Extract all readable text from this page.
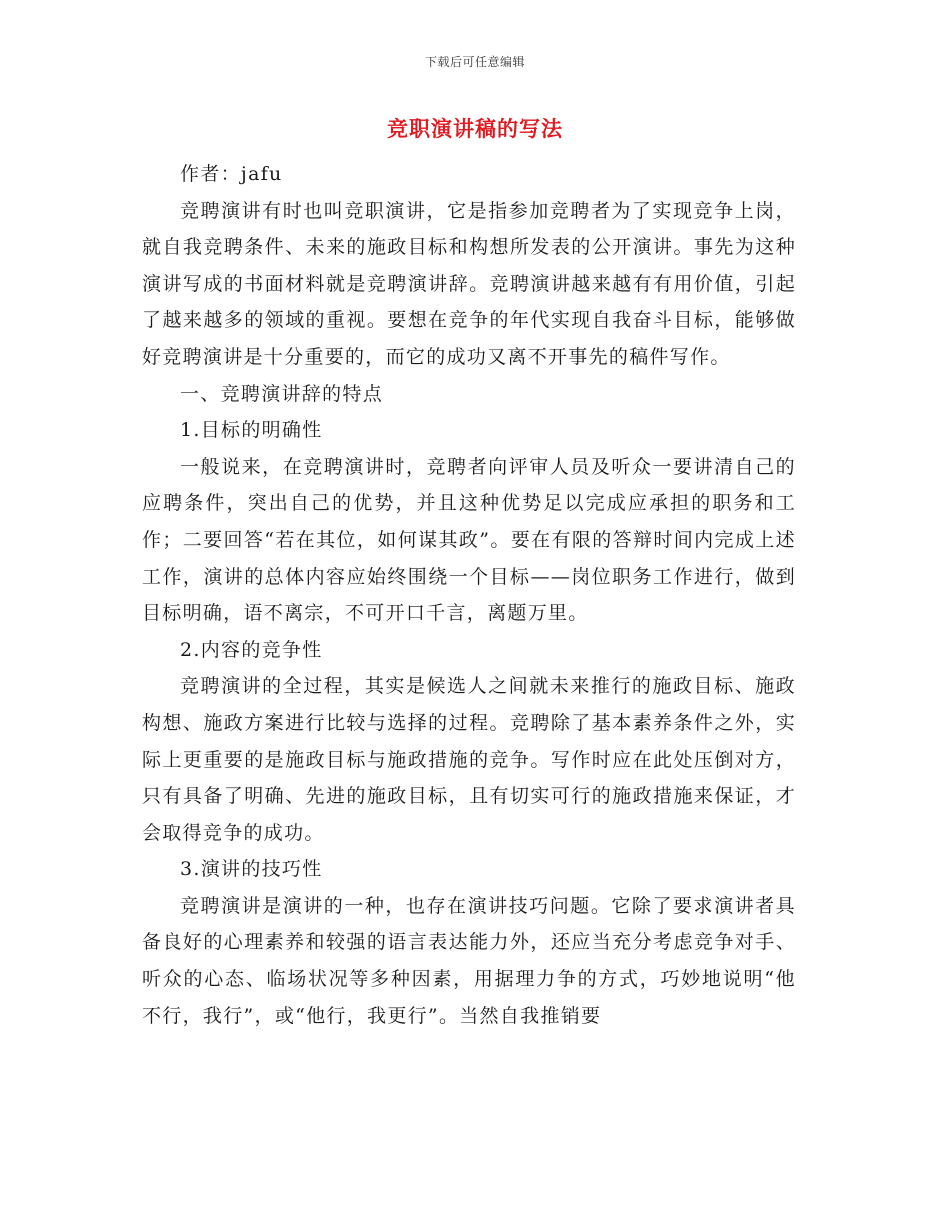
下载后可任意编辑
竞职演讲稿的写法

作者：jafu

竞聘演讲有时也叫竞职演讲，它是指参加竞聘者为了实现竞争上岗，就自我竞聘条件、未来的施政目标和构想所发表的公开演讲。事先为这种演讲写成的书面材料就是竞聘演讲辞。竞聘演讲越来越有有用价值，引起了越来越多的领域的重视。要想在竞争的年代实现自我奋斗目标，能够做好竞聘演讲是十分重要的，而它的成功又离不开事先的稿件写作。

一、竞聘演讲辞的特点

1.目标的明确性

一般说来，在竞聘演讲时，竞聘者向评审人员及听众一要讲清自己的应聘条件，突出自己的优势，并且这种优势足以完成应承担的职务和工作；二要回答“若在其位，如何谋其政”。要在有限的答辩时间内完成上述工作，演讲的总体内容应始终围绕一个目标——岗位职务工作进行，做到目标明确，语不离宗，不可开口千言，离题万里。

2.内容的竞争性

竞聘演讲的全过程，其实是候选人之间就未来推行的施政目标、施政构想、施政方案进行比较与选择的过程。竞聘除了基本素养条件之外，实际上更重要的是施政目标与施政措施的竞争。写作时应在此处压倒对方，只有具备了明确、先进的施政目标，且有切实可行的施政措施来保证，才会取得竞争的成功。

3.演讲的技巧性

竞聘演讲是演讲的一种，也存在演讲技巧问题。它除了要求演讲者具备良好的心理素养和较强的语言表达能力外，还应当充分考虑竞争对手、听众的心态、临场状况等多种因素，用据理力争的方式，巧妙地说明“他不行，我行”，或“他行，我更行”。当然自我推销要
